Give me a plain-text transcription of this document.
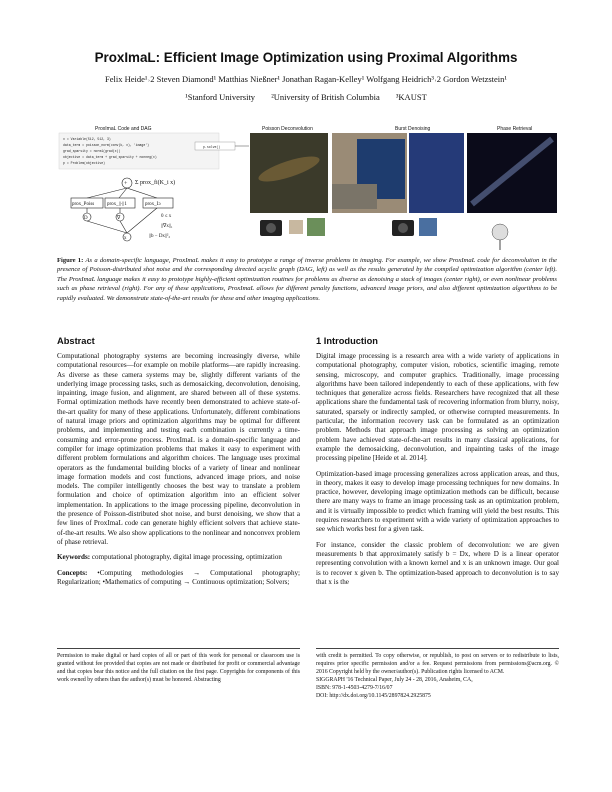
ProxImaL: Efficient Image Optimization using Proximal Algorithms
Felix Heide¹˒2 Steven Diamond¹ Matthias Nießner¹ Jonathan Ragan-Kelley¹ Wolfgang Heidrich³˒2 Gordon Wetzstein¹
¹Stanford University ²University of British Columbia ³KAUST
ProxImaL Code and DAG	Poisson Deconvolution	Burst Denoising	Phase Retrieval
x = Variable(512, 512, 3)
data_term = poisson_norm(conv(k, x), 'image')
grad_sparsity = norm1(grad(x))
objective = data_term + grad_sparsity + nonneg(x)
p = Problem(objective)
p.solve()
+ Σ prox_fi(K_i x)
prox_Poiss	prox_||·||1	prox_I≥
D	∇
x
0 ≤ x
||∇x||₁
||b − Dx||²₂
Figure 1: As a domain-specific language, ProxImaL makes it easy to prototype a range of inverse problems in imaging. For example, we show ProxImaL code for deconvolution in the presence of Poisson-distributed shot noise and the corresponding directed acyclic graph (DAG, left) as well as the results generated by the compiled optimization algorithm (center left). The ProxImaL language makes it easy to prototype highly-efficient optimization routines for problems as diverse as denoising a stack of images (center right), or even nonlinear problems such as phase retrieval (right). For any of these applications, ProxImaL allows for different penalty functions, advanced image priors, and also different optimization algorithms to be rapidly evaluated. We demonstrate state-of-the-art results for these and other imaging applications.
Abstract

Computational photography systems are becoming increasingly diverse, while computational resources—for example on mobile platforms—are rapidly increasing. As diverse as these camera systems may be, slightly different variants of the underlying image processing tasks, such as demosaicking, deconvolution, denoising, inpainting, image fusion, and alignment, are shared between all of these systems. Formal optimization methods have recently been demonstrated to achieve state-of-the-art quality for many of these applications. Unfortunately, different combinations of natural image priors and optimization algorithms may be optimal for different problems, and implementing and testing each combination is currently a time-consuming and error-prone process. ProxImaL is a domain-specific language and compiler for image optimization problems that makes it easy to experiment with different problem formulations and algorithm choices. The language uses proximal operators as the fundamental building blocks of a variety of linear and nonlinear image formation models and cost functions, advanced image priors, and noise models. The compiler intelligently chooses the best way to translate a problem formulation and choice of optimization algorithm into an efficient solver implementation. In applications to the image processing pipeline, deconvolution in the presence of Poisson-distributed shot noise, and burst denoising, we show that a few lines of ProxImaL code can generate highly efficient solvers that achieve state-of-the-art results. We also show applications to the nonlinear and nonconvex problem of phase retrieval.

Keywords: computational photography, digital image processing, optimization

Concepts: •Computing methodologies → Computational photography; Regularization; •Mathematics of computing → Continuous optimization; Solvers;

Permission to make digital or hard copies of all or part of this work for personal or classroom use is granted without fee provided that copies are not made or distributed for profit or commercial advantage and that copies bear this notice and the full citation on the first page. Copyrights for components of this work owned by others than the author(s) must be honored. Abstracting
1 Introduction

Digital image processing is a research area with a wide variety of applications in computational photography, computer vision, robotics, scientific imaging, remote sensing, microscopy, and computer graphics. Traditionally, image processing algorithms have been tailored independently to each of these applications, with few techniques that generalize across fields. Researchers have recognized that all these applications share the fundamental task of recovering information from blurry, noisy, saturated, sparsely or indirectly sampled, or otherwise corrupted measurements. In particular, the information recovery task can be formulated as an optimization problem. Methods that approach image processing as solving an optimization problem have achieved state-of-the-art results in many classical applications, for example the demosaicking, deconvolution, and inpainting tasks of the image processing pipeline [Heide et al. 2014].

Optimization-based image processing generalizes across application areas, and thus, in theory, makes it easy to develop image processing techniques for new domains. In practice, however, developing image optimization methods can be difficult, because there are many ways to frame an image processing task as an optimization problem, and it is virtually impossible to predict which framing will yield the best results. This requires researchers to experiment with a wide variety of optimization approaches to see which works best for a given task.

For instance, consider the classic problem of deconvolution: we are given measurements b that approximately satisfy b = Dx, where D is a linear operator representing convolution with a known kernel and x is an unknown image. Our goal is to recover x given b. The optimization-based approach to deconvolution is to say that x is the

with credit is permitted. To copy otherwise, or republish, to post on servers or to redistribute to lists, requires prior specific permission and/or a fee. Request permissions from permissions@acm.org. © 2016 Copyright held by the owner/author(s). Publication rights licensed to ACM.
SIGGRAPH '16 Technical Paper, July 24 - 28, 2016, Anaheim, CA,
ISBN: 978-1-4503-4279-7/16/07
DOI: http://dx.doi.org/10.1145/2897824.2925875
